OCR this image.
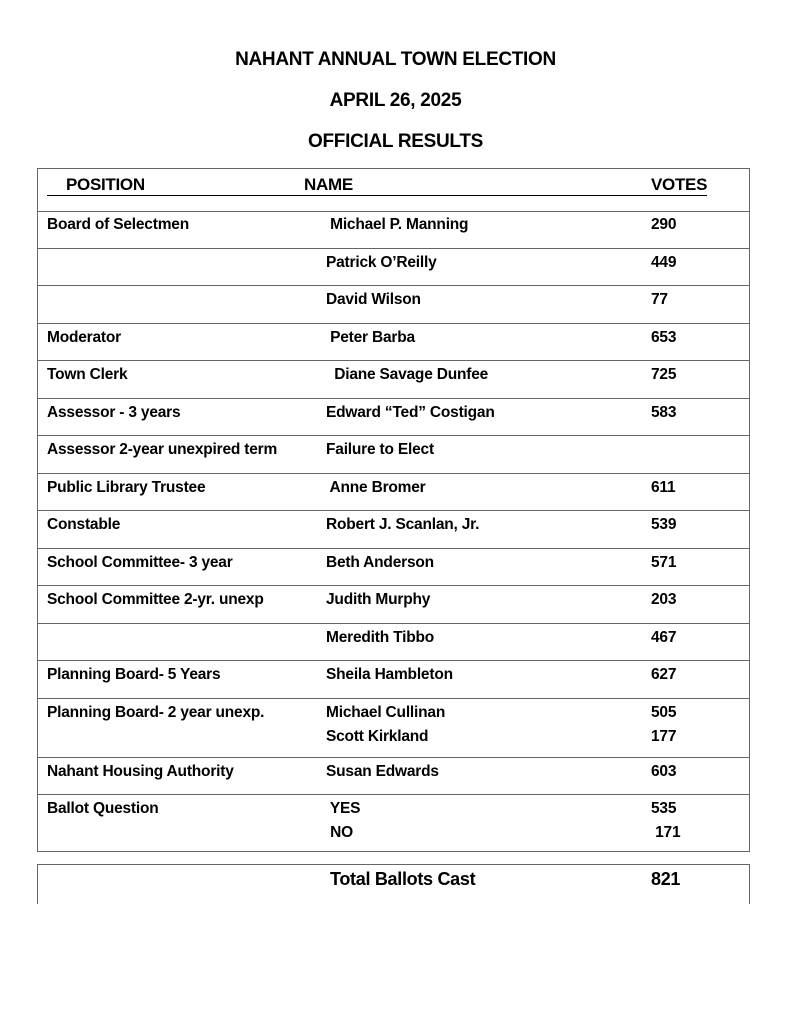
NAHANT ANNUAL TOWN ELECTION
APRIL 26, 2025
OFFICIAL RESULTS
POSITION	NAME	VOTES
Board of Selectmen	Michael P. Manning	290
Patrick O’Reilly	449
David Wilson	77
Moderator	Peter Barba	653
Town Clerk	Diane Savage Dunfee	725
Assessor - 3 years	Edward “Ted” Costigan	583
Assessor 2-year unexpired term	Failure to Elect
Public Library Trustee	Anne Bromer	611
Constable	Robert J. Scanlan, Jr.	539
School Committee- 3 year	Beth Anderson	571
School Committee 2-yr. unexp	Judith Murphy	203
Meredith Tibbo	467
Planning Board- 5 Years	Sheila Hambleton	627
Planning Board- 2 year unexp.	Michael Cullinan	505
Scott Kirkland	177
Nahant Housing Authority	Susan Edwards	603
Ballot Question	YES	535
NO	171
Total Ballots Cast	821
